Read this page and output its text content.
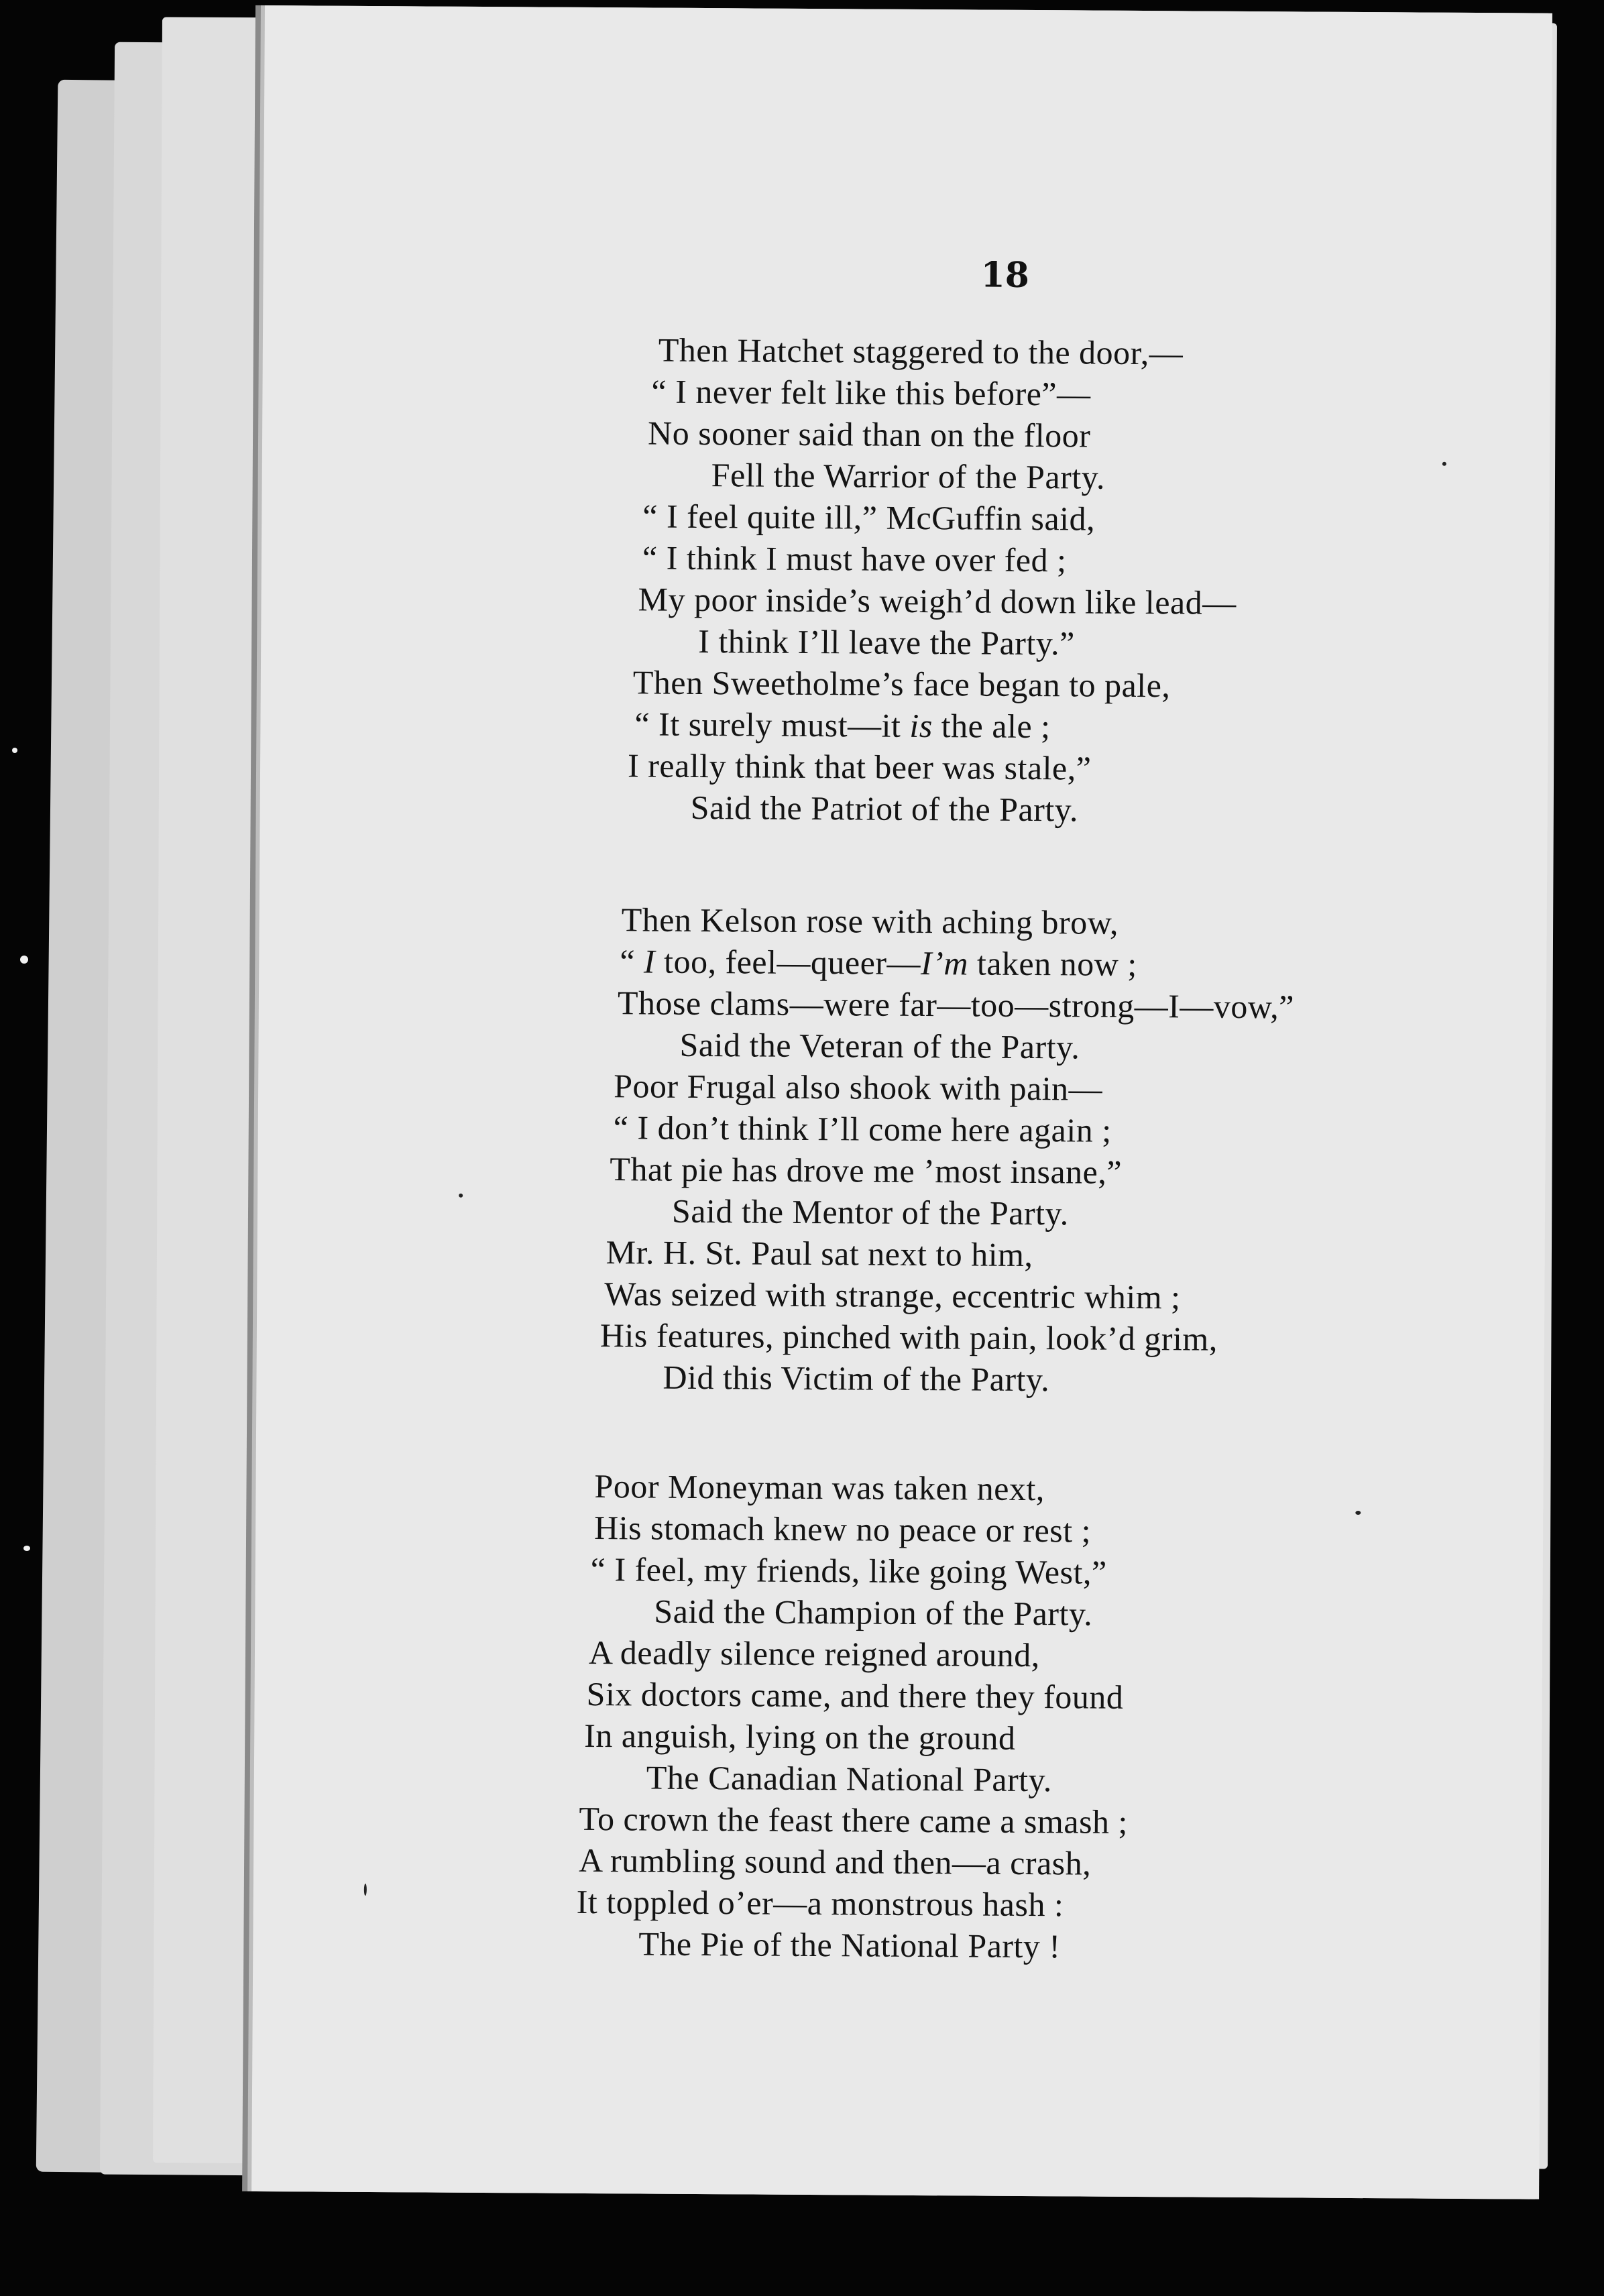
18
Then Hatchet staggered to the door,—
“ I never felt like this before”—
No sooner said than on the floor
Fell the Warrior of the Party.
“ I feel quite ill,” McGuffin said,
“ I think I must have over fed ;
My poor inside’s weigh’d down like lead—
I think I’ll leave the Party.”
Then Sweetholme’s face began to pale,
“ It surely must—it is the ale ;
I really think that beer was stale,”
Said the Patriot of the Party.
Then Kelson rose with aching brow,
“ I too, feel—queer—I’m taken now ;
Those clams—were far—too—strong—I—vow,”
Said the Veteran of the Party.
Poor Frugal also shook with pain—
“ I don’t think I’ll come here again ;
That pie has drove me ’most insane,”
Said the Mentor of the Party.
Mr. H. St. Paul sat next to him,
Was seized with strange, eccentric whim ;
His features, pinched with pain, look’d grim,
Did this Victim of the Party.
Poor Moneyman was taken next,
His stomach knew no peace or rest ;
“ I feel, my friends, like going West,”
Said the Champion of the Party.
A deadly silence reigned around,
Six doctors came, and there they found
In anguish, lying on the ground
The Canadian National Party.
To crown the feast there came a smash ;
A rumbling sound and then—a crash,
It toppled o’er—a monstrous hash :
The Pie of the National Party !
